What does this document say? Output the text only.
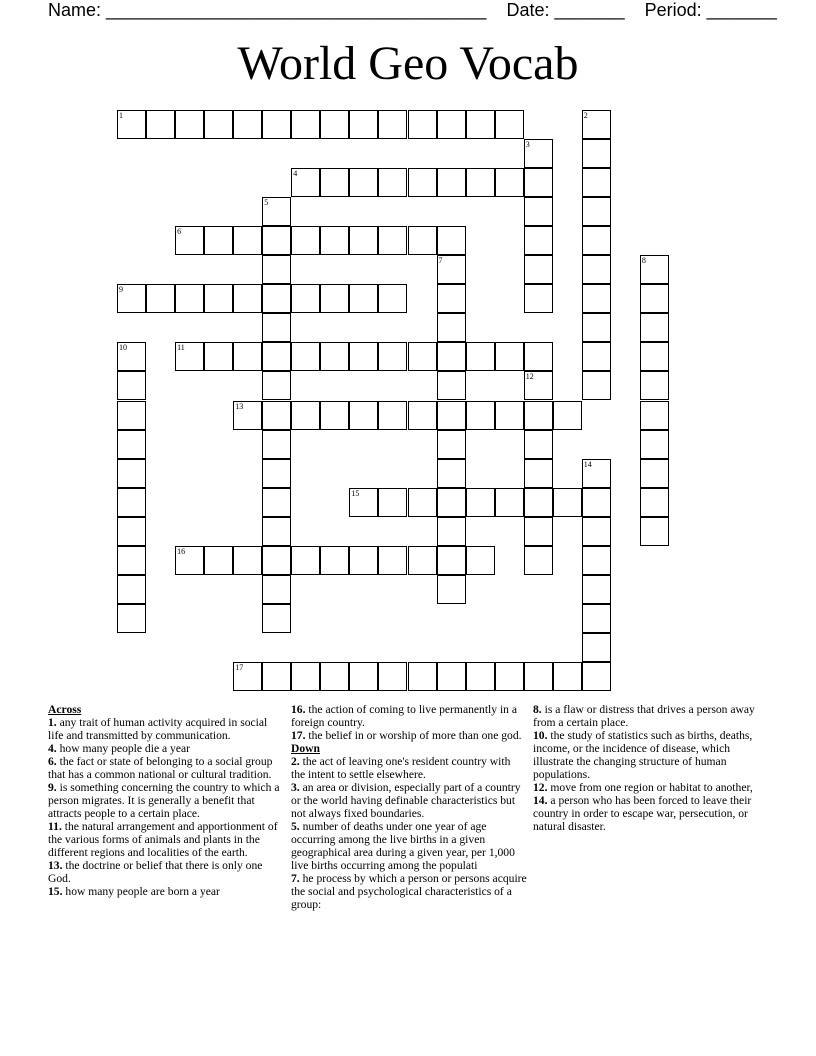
Name: ______________________________________ Date: _______ Period: _______
World Geo Vocab
1	2
3
4
5
6
7	8
9
10	11
12
13
14
15
16
17
Across
1. any trait of human activity acquired in social life and transmitted by communication.
4. how many people die a year
6. the fact or state of belonging to a social group that has a common national or cultural tradition.
9. is something concerning the country to which a person migrates. It is generally a benefit that attracts people to a certain place.
11. the natural arrangement and apportionment of the various forms of animals and plants in the different regions and localities of the earth.
13. the doctrine or belief that there is only one God.
15. how many people are born a year
16. the action of coming to live permanently in a foreign country.
17. the belief in or worship of more than one god.
Down
2. the act of leaving one's resident country with the intent to settle elsewhere.
3. an area or division, especially part of a country or the world having definable characteristics but not always fixed boundaries.
5. number of deaths under one year of age occurring among the live births in a given geographical area during a given year, per 1,000 live births occurring among the populati
7. he process by which a person or persons acquire the social and psychological characteristics of a group:
8. is a flaw or distress that drives a person away from a certain place.
10. the study of statistics such as births, deaths, income, or the incidence of disease, which illustrate the changing structure of human populations.
12. move from one region or habitat to another,
14. a person who has been forced to leave their country in order to escape war, persecution, or natural disaster.
